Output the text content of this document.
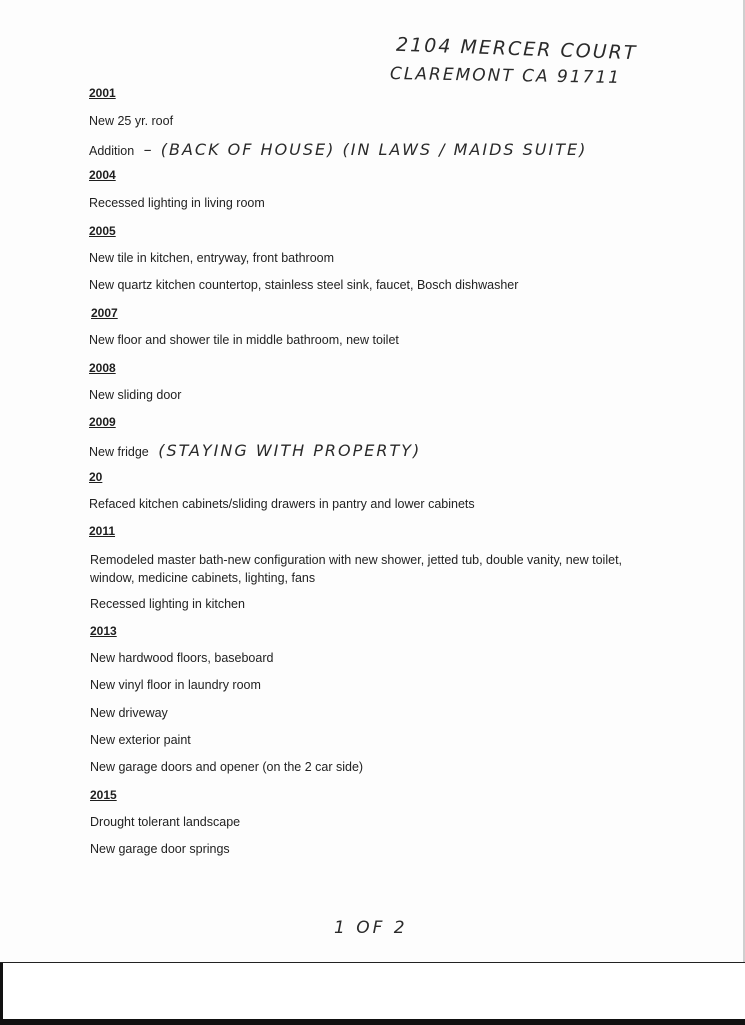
2104 MERCER COURT
CLAREMONT CA 91711
2001
New 25 yr. roof
Addition – (BACK OF HOUSE) (IN LAWS / MAIDS SUITE)
2004
Recessed lighting in living room
2005
New tile in kitchen, entryway, front bathroom
New quartz kitchen countertop, stainless steel sink, faucet, Bosch dishwasher
2007
New floor and shower tile in middle bathroom, new toilet
2008
New sliding door
2009
New fridge (STAYING WITH PROPERTY)
20
Refaced kitchen cabinets/sliding drawers in pantry and lower cabinets
2011
Remodeled master bath-new configuration with new shower, jetted tub, double vanity, new toilet, window, medicine cabinets, lighting, fans
Recessed lighting in kitchen
2013
New hardwood floors, baseboard
New vinyl floor in laundry room
New driveway
New exterior paint
New garage doors and opener (on the 2 car side)
2015
Drought tolerant landscape
New garage door springs
1 OF 2
